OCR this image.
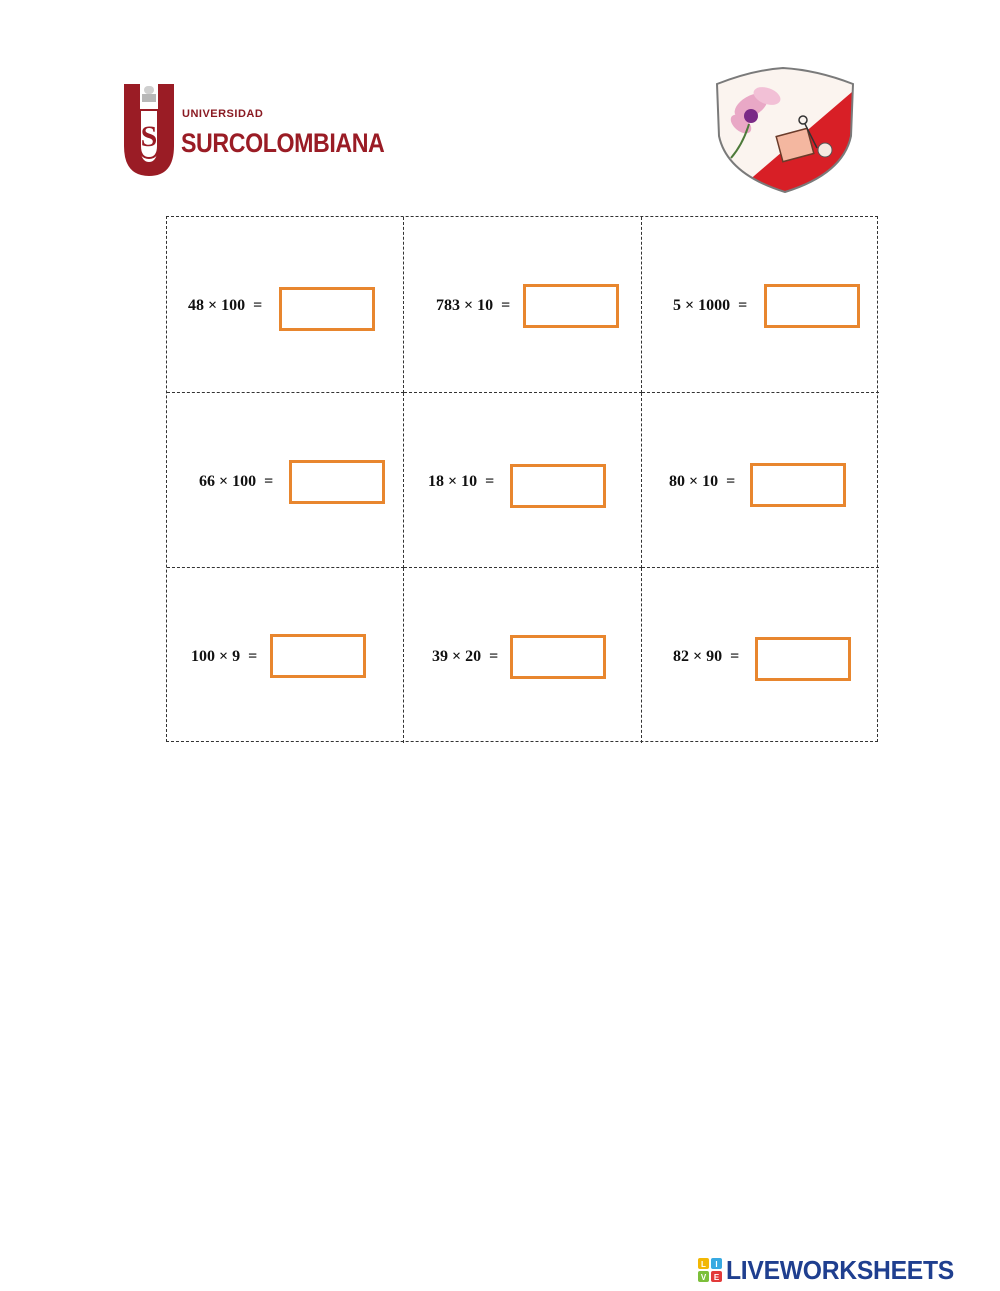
S
UNIVERSIDAD
SURCOLOMBIANA
48 × 100  =	783 × 10  =	5 × 1000  =
66 × 100  =	18 × 10  =	80 × 10  =
100 × 9  =	39 × 20  =	82 × 90  =
L I
V E LIVEWORKSHEETS
